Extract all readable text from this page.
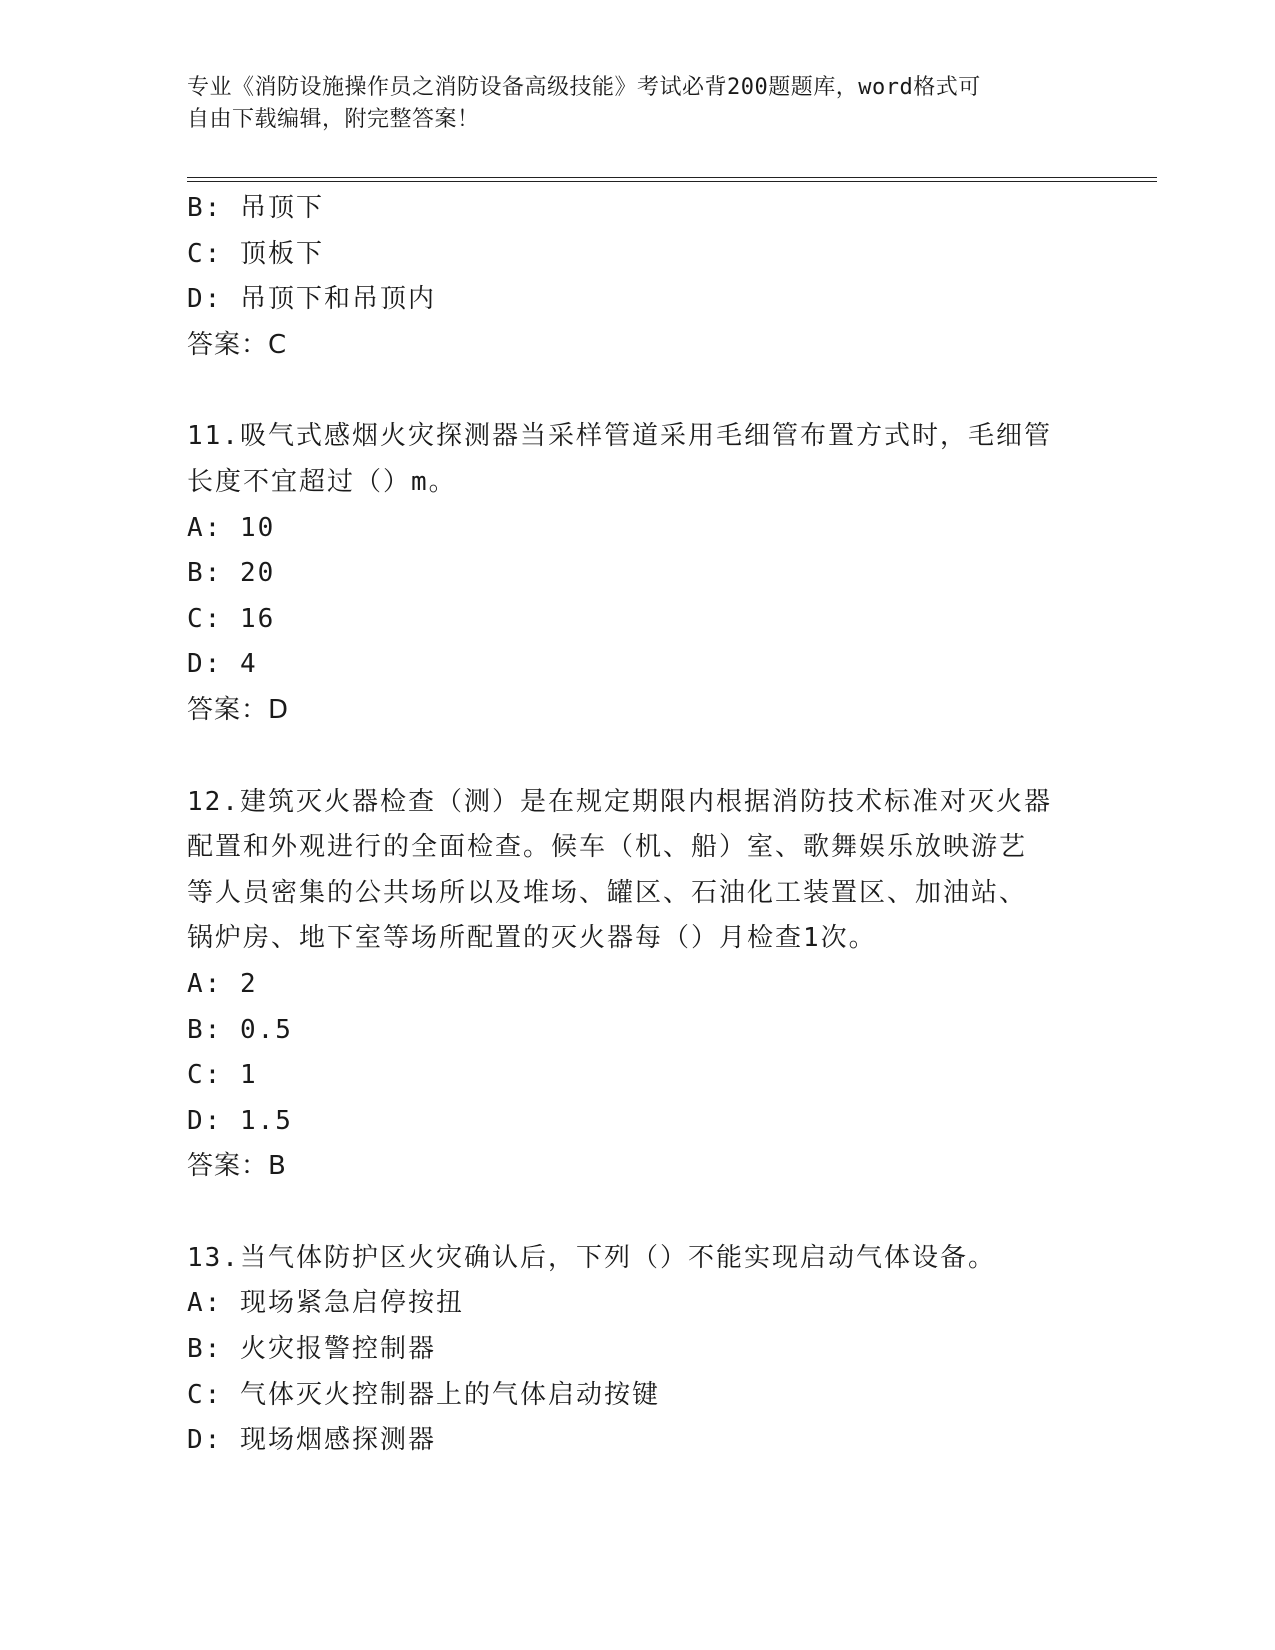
专业《消防设施操作员之消防设备高级技能》考试必背200题题库，word格式可
自由下载编辑，附完整答案！
B: 吊顶下
C: 顶板下
D: 吊顶下和吊顶内
答案：C
11.吸气式感烟火灾探测器当采样管道采用毛细管布置方式时，毛细管
长度不宜超过（）m。
A: 10
B: 20
C: 16
D: 4
答案：D
12.建筑灭火器检查（测）是在规定期限内根据消防技术标准对灭火器
配置和外观进行的全面检查。候车（机、船）室、歌舞娱乐放映游艺
等人员密集的公共场所以及堆场、罐区、石油化工装置区、加油站、
锅炉房、地下室等场所配置的灭火器每（）月检查1次。
A: 2
B: 0.5
C: 1
D: 1.5
答案：B
13.当气体防护区火灾确认后，下列（）不能实现启动气体设备。
A: 现场紧急启停按扭
B: 火灾报警控制器
C: 气体灭火控制器上的气体启动按键
D: 现场烟感探测器
